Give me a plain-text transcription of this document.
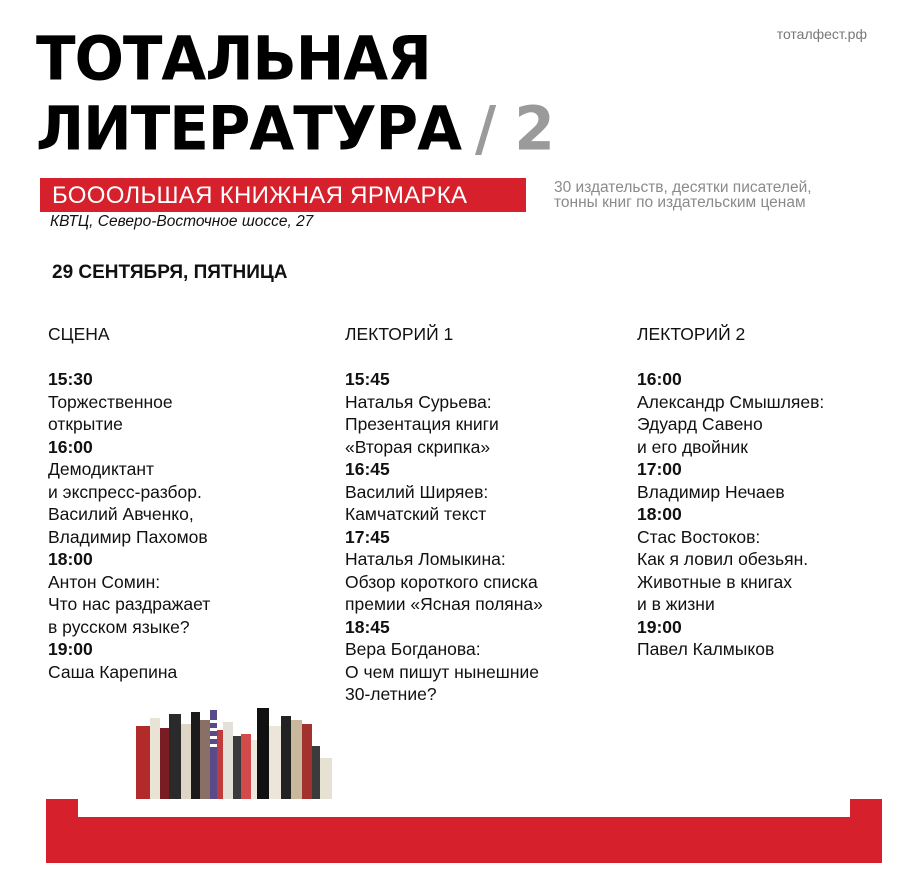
тоталфест.рф
ТОТАЛЬНАЯ
ЛИТЕРАТУРА / 2
БОООЛЬШАЯ КНИЖНАЯ ЯРМАРКА
КВТЦ, Северо-Восточное шоссе, 27
30 издательств, десятки писателей,
тонны книг по издательским ценам
29 СЕНТЯБРЯ, ПЯТНИЦА
СЦЕНА
15:30
Торжественное
открытие
16:00
Демодиктант
и экспресс-разбор.
Василий Авченко,
Владимир Пахомов
18:00
Антон Сомин:
Что нас раздражает
в русском языке?
19:00
Саша Карепина
ЛЕКТОРИЙ 1
15:45
Наталья Сурьева:
Презентация книги
«Вторая скрипка»
16:45
Василий Ширяев:
Камчатский текст
17:45
Наталья Ломыкина:
Обзор короткого списка
премии «Ясная поляна»
18:45
Вера Богданова:
О чем пишут нынешние
30-летние?
ЛЕКТОРИЙ 2
16:00
Александр Смышляев:
Эдуард Савено
и его двойник
17:00
Владимир Нечаев
18:00
Стас Востоков:
Как я ловил обезьян.
Животные в книгах
и в жизни
19:00
Павел Калмыков
